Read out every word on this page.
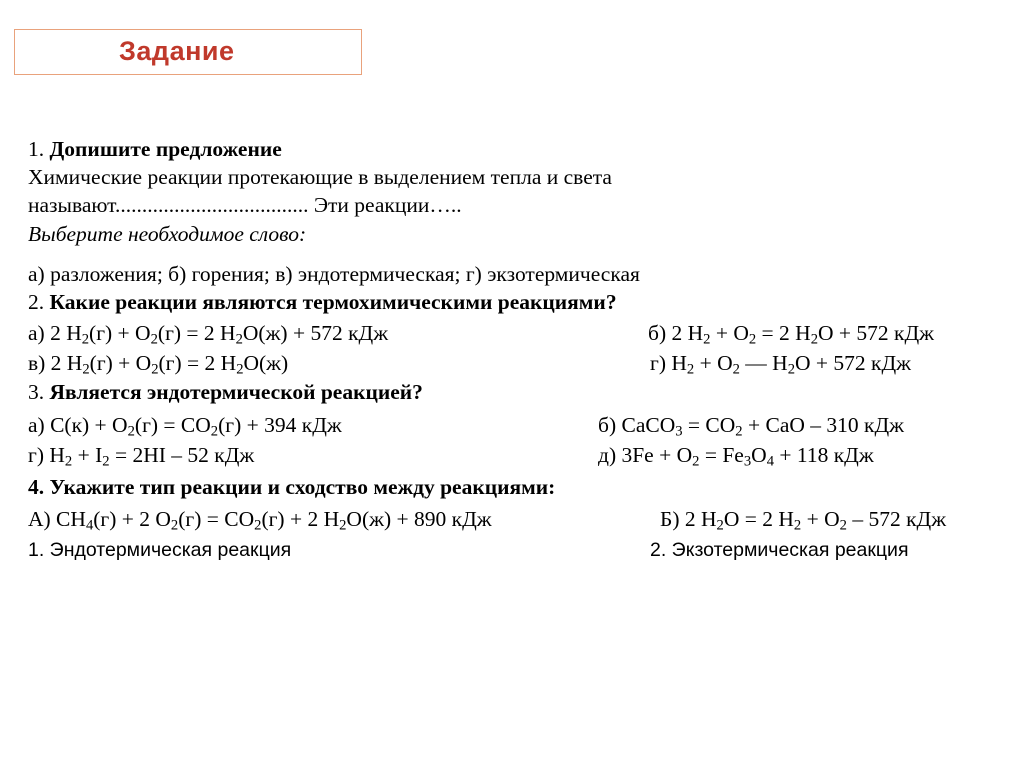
Задание
1. Допишите предложение
Химические реакции протекающие в выделением тепла и света
называют.................................... Эти реакции…..
Выберите необходимое слово:
а) разложения; б) горения; в) эндотермическая; г) экзотермическая
2. Какие реакции являются термохимическими реакциями?
а) 2 $H_2(г) + O_2(г) = 2$ $H_2O(ж) + 572$ кДж	б) 2 $H_2 + O_2 = 2$ $H_2O + 572$ кДж
в) 2 $H_2(г) + O_2(г) = 2$ $H_2O(ж)$	г) $H_2 + O_2$ — $H_2O + 572$ кДж
3. Является эндотермической реакцией?
а) $C(к) + O_2(г) = CO_2(г) + 394$ кДж	б) CaCO$_3$ = $CO_2$ + CaO – 310 кДж
г) $H_2 + I_2 = 2HI - 52$ кДж	д) $3Fe + O_2 = Fe_3O_4 + 118$ кДж
4. Укажите тип реакции и сходство между реакциями:
А) $CH_4(г) + 2$ $O_2(г) = CO_2(г) + 2$ $H_2O(ж) + 890$ кДж	Б) 2 $H_2O = 2$ $H_2 + O_2 - 572$ кДж
1. Эндотермическая реакция	2. Экзотермическая реакция
